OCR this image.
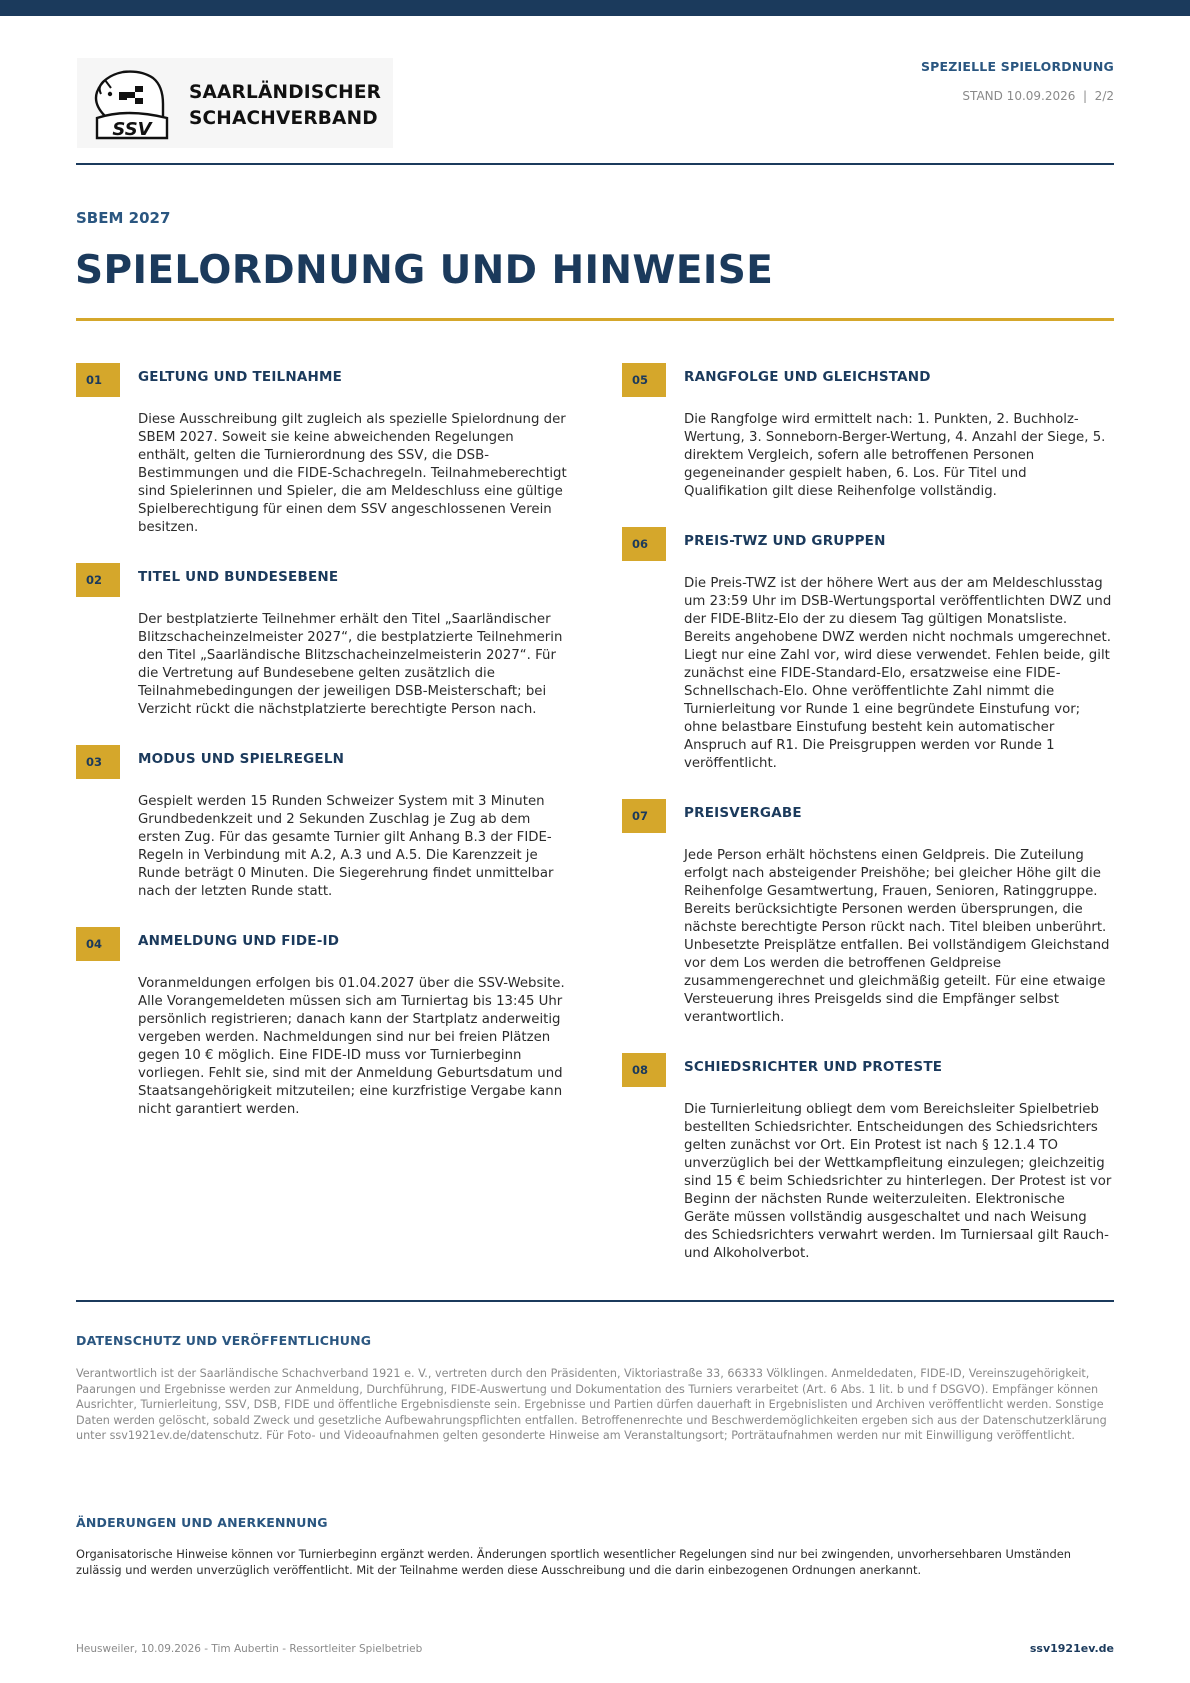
SSV
SAARLÄNDISCHER
SCHACHVERBAND
SPEZIELLE SPIELORDNUNG
STAND 10.09.2026  |  2/2
SBEM 2027
SPIELORDNUNG UND HINWEISE
01	GELTUNG UND TEILNAHME
Diese Ausschreibung gilt zugleich als spezielle Spielordnung der SBEM 2027. Soweit sie keine abweichenden Regelungen enthält, gelten die Turnierordnung des SSV, die DSB-Bestimmungen und die FIDE-Schachregeln. Teilnahmeberechtigt sind Spielerinnen und Spieler, die am Meldeschluss eine gültige Spielberechtigung für einen dem SSV angeschlossenen Verein besitzen.
02	TITEL UND BUNDESEBENE
Der bestplatzierte Teilnehmer erhält den Titel „Saarländischer Blitzschacheinzelmeister 2027“, die bestplatzierte Teilnehmerin den Titel „Saarländische Blitzschacheinzelmeisterin 2027“. Für die Vertretung auf Bundesebene gelten zusätzlich die Teilnahmebedingungen der jeweiligen DSB-Meisterschaft; bei Verzicht rückt die nächstplatzierte berechtigte Person nach.
03	MODUS UND SPIELREGELN
Gespielt werden 15 Runden Schweizer System mit 3 Minuten Grundbedenkzeit und 2 Sekunden Zuschlag je Zug ab dem ersten Zug. Für das gesamte Turnier gilt Anhang B.3 der FIDE-Regeln in Verbindung mit A.2, A.3 und A.5. Die Karenzzeit je Runde beträgt 0 Minuten. Die Siegerehrung findet unmittelbar nach der letzten Runde statt.
04	ANMELDUNG UND FIDE-ID
Voranmeldungen erfolgen bis 01.04.2027 über die SSV-Website. Alle Vorangemeldeten müssen sich am Turniertag bis 13:45 Uhr persönlich registrieren; danach kann der Startplatz anderweitig vergeben werden. Nachmeldungen sind nur bei freien Plätzen gegen 10 € möglich. Eine FIDE-ID muss vor Turnierbeginn vorliegen. Fehlt sie, sind mit der Anmeldung Geburtsdatum und Staatsangehörigkeit mitzuteilen; eine kurzfristige Vergabe kann nicht garantiert werden.
05	RANGFOLGE UND GLEICHSTAND
Die Rangfolge wird ermittelt nach: 1. Punkten, 2. Buchholz-Wertung, 3. Sonneborn-Berger-Wertung, 4. Anzahl der Siege, 5. direktem Vergleich, sofern alle betroffenen Personen gegeneinander gespielt haben, 6. Los. Für Titel und Qualifikation gilt diese Reihenfolge vollständig.
06	PREIS-TWZ UND GRUPPEN
Die Preis-TWZ ist der höhere Wert aus der am Meldeschlusstag um 23:59 Uhr im DSB-Wertungsportal veröffentlichten DWZ und der FIDE-Blitz-Elo der zu diesem Tag gültigen Monatsliste. Bereits angehobene DWZ werden nicht nochmals umgerechnet. Liegt nur eine Zahl vor, wird diese verwendet. Fehlen beide, gilt zunächst eine FIDE-Standard-Elo, ersatzweise eine FIDE-Schnellschach-Elo. Ohne veröffentlichte Zahl nimmt die Turnierleitung vor Runde 1 eine begründete Einstufung vor; ohne belastbare Einstufung besteht kein automatischer Anspruch auf R1. Die Preisgruppen werden vor Runde 1 veröffentlicht.
07	PREISVERGABE
Jede Person erhält höchstens einen Geldpreis. Die Zuteilung erfolgt nach absteigender Preishöhe; bei gleicher Höhe gilt die Reihenfolge Gesamtwertung, Frauen, Senioren, Ratinggruppe. Bereits berücksichtigte Personen werden übersprungen, die nächste berechtigte Person rückt nach. Titel bleiben unberührt. Unbesetzte Preisplätze entfallen. Bei vollständigem Gleichstand vor dem Los werden die betroffenen Geldpreise zusammengerechnet und gleichmäßig geteilt. Für eine etwaige Versteuerung ihres Preisgelds sind die Empfänger selbst verantwortlich.
08	SCHIEDSRICHTER UND PROTESTE
Die Turnierleitung obliegt dem vom Bereichsleiter Spielbetrieb bestellten Schiedsrichter. Entscheidungen des Schiedsrichters gelten zunächst vor Ort. Ein Protest ist nach § 12.1.4 TO unverzüglich bei der Wettkampfleitung einzulegen; gleichzeitig sind 15 € beim Schiedsrichter zu hinterlegen. Der Protest ist vor Beginn der nächsten Runde weiterzuleiten. Elektronische Geräte müssen vollständig ausgeschaltet und nach Weisung des Schiedsrichters verwahrt werden. Im Turniersaal gilt Rauch- und Alkoholverbot.
DATENSCHUTZ UND VERÖFFENTLICHUNG
Verantwortlich ist der Saarländische Schachverband 1921 e. V., vertreten durch den Präsidenten, Viktoriastraße 33, 66333 Völklingen. Anmeldedaten, FIDE-ID, Vereinszugehörigkeit, Paarungen und Ergebnisse werden zur Anmeldung, Durchführung, FIDE-Auswertung und Dokumentation des Turniers verarbeitet (Art. 6 Abs. 1 lit. b und f DSGVO). Empfänger können Ausrichter, Turnierleitung, SSV, DSB, FIDE und öffentliche Ergebnisdienste sein. Ergebnisse und Partien dürfen dauerhaft in Ergebnislisten und Archiven veröffentlicht werden. Sonstige Daten werden gelöscht, sobald Zweck und gesetzliche Aufbewahrungspflichten entfallen. Betroffenenrechte und Beschwerdemöglichkeiten ergeben sich aus der Datenschutzerklärung unter ssv1921ev.de/datenschutz. Für Foto- und Videoaufnahmen gelten gesonderte Hinweise am Veranstaltungsort; Porträtaufnahmen werden nur mit Einwilligung veröffentlicht.
ÄNDERUNGEN UND ANERKENNUNG
Organisatorische Hinweise können vor Turnierbeginn ergänzt werden. Änderungen sportlich wesentlicher Regelungen sind nur bei zwingenden, unvorhersehbaren Umständen zulässig und werden unverzüglich veröffentlicht. Mit der Teilnahme werden diese Ausschreibung und die darin einbezogenen Ordnungen anerkannt.
Heusweiler, 10.09.2026 - Tim Aubertin - Ressortleiter Spielbetrieb	ssv1921ev.de
